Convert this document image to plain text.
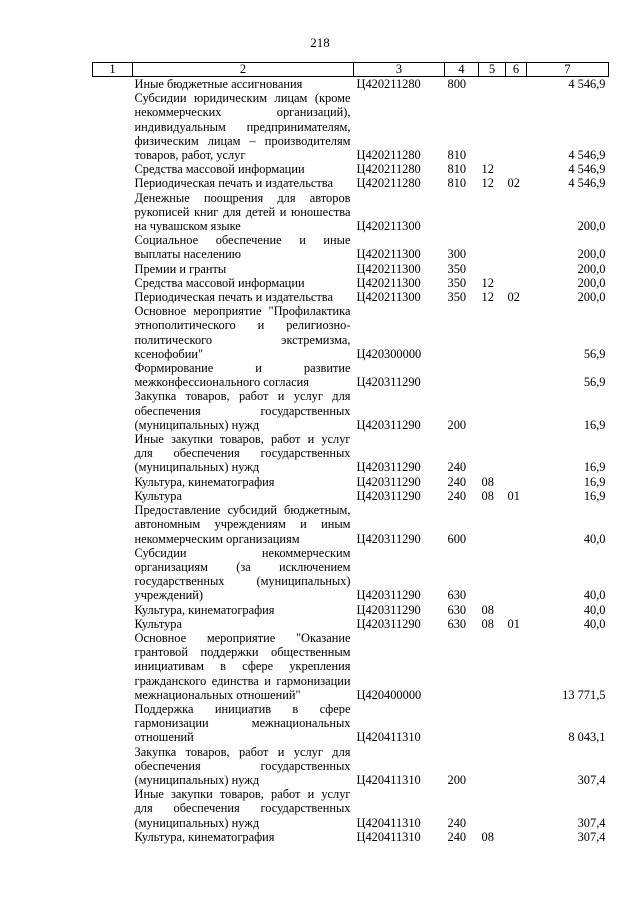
218
1	2	3	4	5	6	7
	Иные бюджетные ассигнования	Ц420211280	800			4 546,9
	Субсидии юридическим лицам (кроме некоммерческих организаций), индивидуальным предпринимателям, физическим лицам – производителям товаров, работ, услуг	Ц420211280	810			4 546,9
	Средства массовой информации	Ц420211280	810	12		4 546,9
	Периодическая печать и издательства	Ц420211280	810	12	02	4 546,9
	Денежные поощрения для авторов рукописей книг для детей и юношества на чувашском языке	Ц420211300				200,0
	Социальное обеспечение и иные выплаты населению	Ц420211300	300			200,0
	Премии и гранты	Ц420211300	350			200,0
	Средства массовой информации	Ц420211300	350	12		200,0
	Периодическая печать и издательства	Ц420211300	350	12	02	200,0
	Основное мероприятие "Профилактика этнополитического и религиозно-политического экстремизма, ксенофобии"	Ц420300000				56,9
	Формирование и развитие межконфессионального согласия	Ц420311290				56,9
	Закупка товаров, работ и услуг для обеспечения государственных (муниципальных) нужд	Ц420311290	200			16,9
	Иные закупки товаров, работ и услуг для обеспечения государственных (муниципальных) нужд	Ц420311290	240			16,9
	Культура, кинематография	Ц420311290	240	08		16,9
	Культура	Ц420311290	240	08	01	16,9
	Предоставление субсидий бюджетным, автономным учреждениям и иным некоммерческим организациям	Ц420311290	600			40,0
	Субсидии некоммерческим организациям (за исключением государственных (муниципальных) учреждений)	Ц420311290	630			40,0
	Культура, кинематография	Ц420311290	630	08		40,0
	Культура	Ц420311290	630	08	01	40,0
	Основное мероприятие "Оказание грантовой поддержки общественным инициативам в сфере укрепления гражданского единства и гармонизации межнациональных отношений"	Ц420400000				13 771,5
	Поддержка инициатив в сфере гармонизации межнациональных отношений	Ц420411310				8 043,1
	Закупка товаров, работ и услуг для обеспечения государственных (муниципальных) нужд	Ц420411310	200			307,4
	Иные закупки товаров, работ и услуг для обеспечения государственных (муниципальных) нужд	Ц420411310	240			307,4
	Культура, кинематография	Ц420411310	240	08		307,4
